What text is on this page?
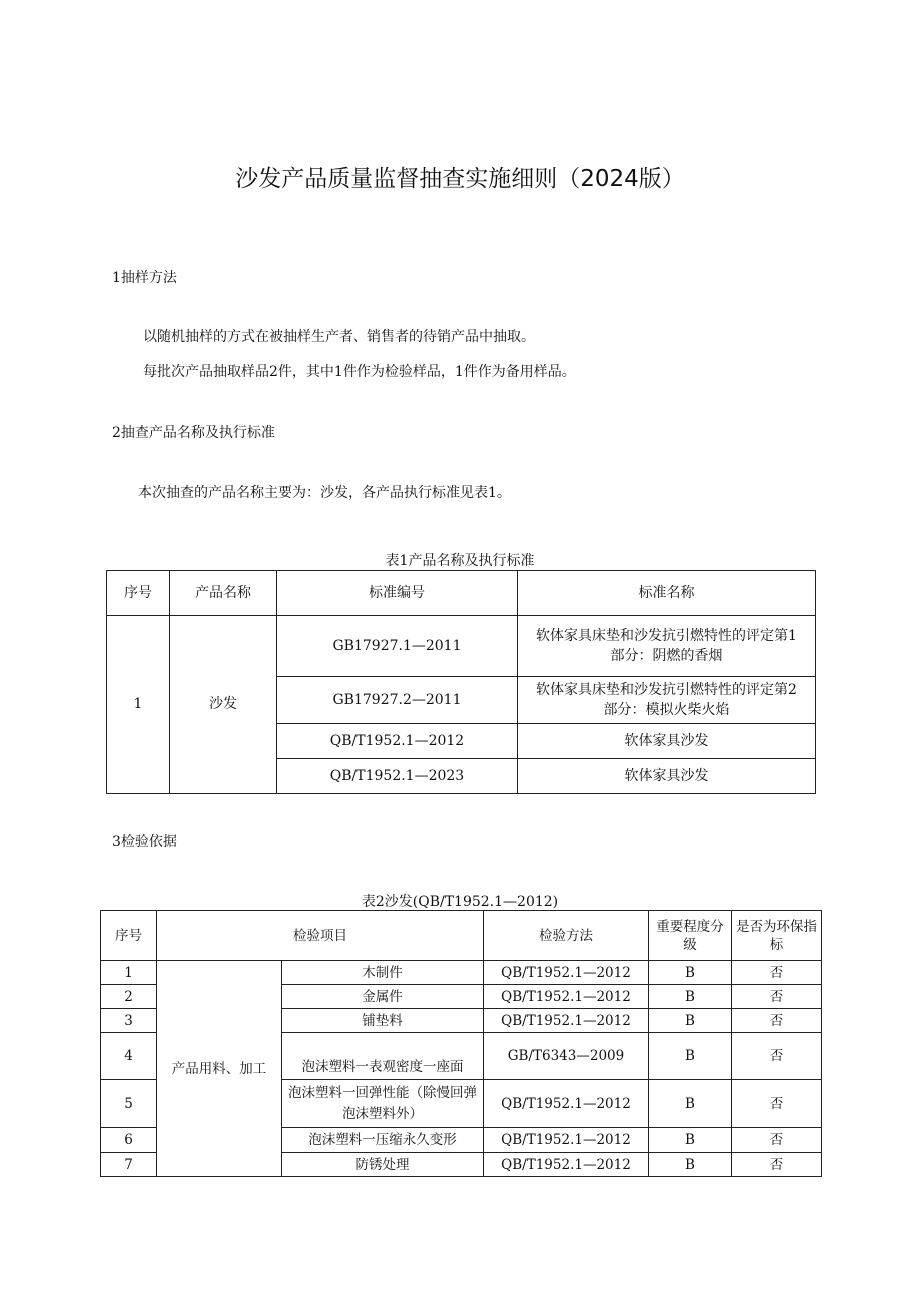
沙发产品质量监督抽查实施细则（2024版）
1抽样方法
以随机抽样的方式在被抽样生产者、销售者的待销产品中抽取。
每批次产品抽取样品2件，其中1件作为检验样品，1件作为备用样品。
2抽查产品名称及执行标准
本次抽查的产品名称主要为：沙发，各产品执行标准见表1。
表1产品名称及执行标准
序号	产品名称	标准编号	标准名称
1	沙发	GB17927.1—2011	软体家具床垫和沙发抗引燃特性的评定第1
部分：阴燃的香烟

		GB17927.2—2011	软体家具床垫和沙发抗引燃特性的评定第2
部分：模拟火柴火焰

		QB/T1952.1—2012	软体家具沙发
		QB/T1952.1—2023	软体家具沙发
3检验依据
表2沙发(QB/T1952.1—2012)
序号	检验项目		检验方法	重要程度分级	是否为环保指标
1	产品用料、加工	木制件	QB/T1952.1—2012	B	否
2		金属件	QB/T1952.1—2012	B	否
3		铺垫料	QB/T1952.1—2012	B	否
4		泡沫塑料一表观密度一座面	GB/T6343—2009	B	否
5		泡沫塑料一回弹性能（除慢回弹泡沫塑料外）	QB/T1952.1—2012	B	否
6		泡沫塑料一压缩永久变形	QB/T1952.1—2012	B	否
7		防锈处理	QB/T1952.1—2012	B	否
